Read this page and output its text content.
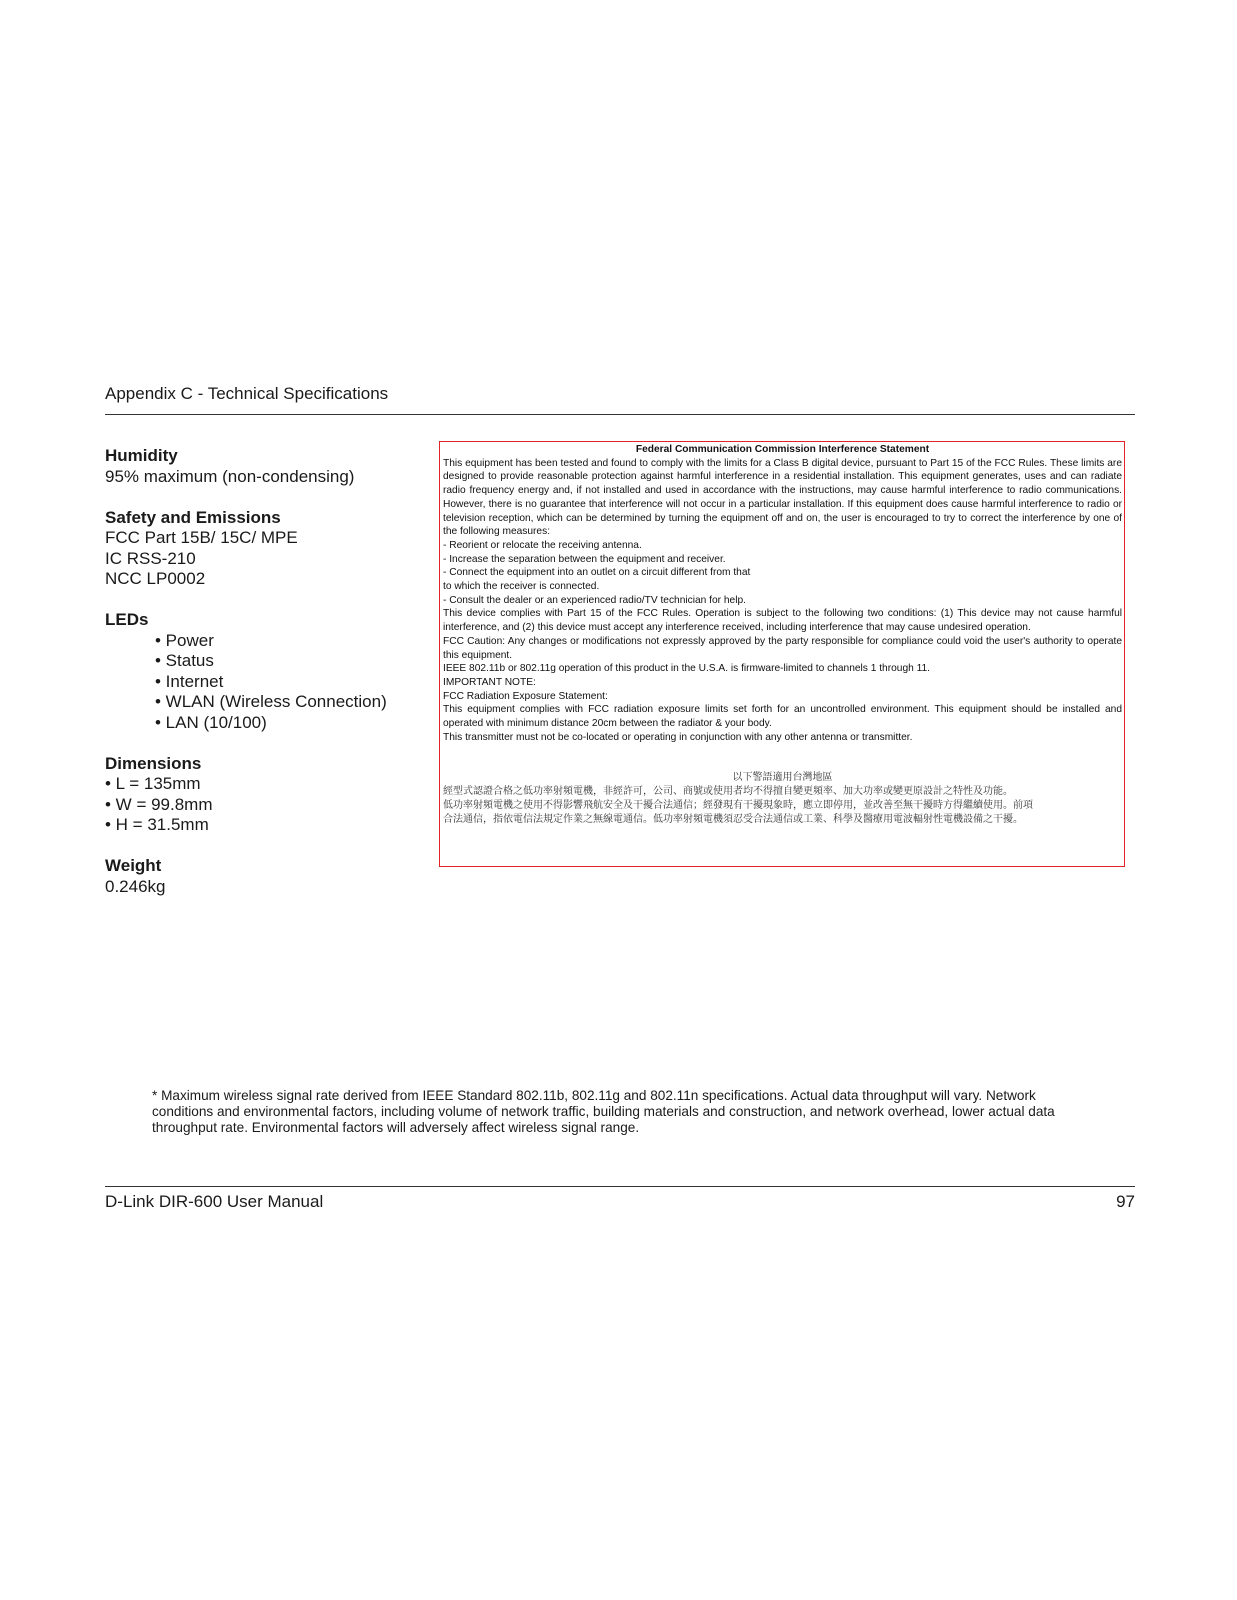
Appendix C - Technical Specifications

Humidity

95% maximum (non-condensing)

Safety and Emissions

FCC Part 15B/ 15C/ MPE

IC RSS-210

NCC LP0002

LEDs

• Power

• Status

• Internet

• WLAN (Wireless Connection)

• LAN (10/100)

Dimensions

• L = 135mm

• W = 99.8mm

• H = 31.5mm

Weight

0.246kg

Federal Communication Commission Interference Statement

This equipment has been tested and found to comply with the limits for a Class B digital device, pursuant to Part 15 of the FCC Rules. These limits are designed to provide reasonable protection against harmful interference in a residential installation. This equipment generates, uses and can radiate radio frequency energy and, if not installed and used in accordance with the instructions, may cause harmful interference to radio communications. However, there is no guarantee that interference will not occur in a particular installation. If this equipment does cause harmful interference to radio or television reception, which can be determined by turning the equipment off and on, the user is encouraged to try to correct the interference by one of the following measures:

- Reorient or relocate the receiving antenna.

- Increase the separation between the equipment and receiver.

- Connect the equipment into an outlet on a circuit different from that

to which the receiver is connected.

- Consult the dealer or an experienced radio/TV technician for help.

This device complies with Part 15 of the FCC Rules. Operation is subject to the following two conditions: (1) This device may not cause harmful interference, and (2) this device must accept any interference received, including interference that may cause undesired operation.

FCC Caution: Any changes or modifications not expressly approved by the party responsible for compliance could void the user's authority to operate this equipment.

IEEE 802.11b or 802.11g operation of this product in the U.S.A. is firmware-limited to channels 1 through 11.

IMPORTANT NOTE:

FCC Radiation Exposure Statement:

This equipment complies with FCC radiation exposure limits set forth for an uncontrolled environment. This equipment should be installed and operated with minimum distance 20cm between the radiator & your body.

This transmitter must not be co-located or operating in conjunction with any other antenna or transmitter.

以下警語適用台灣地區

經型式認證合格之低功率射頻電機，非經許可，公司、商號或使用者均不得擅自變更頻率、加大功率或變更原設計之特性及功能。

低功率射頻電機之使用不得影響飛航安全及干擾合法通信；經發現有干擾現象時，應立即停用，並改善至無干擾時方得繼續使用。前項

合法通信，指依電信法規定作業之無線電通信。低功率射頻電機須忍受合法通信或工業、科學及醫療用電波輻射性電機設備之干擾。

* Maximum wireless signal rate derived from IEEE Standard 802.11b, 802.11g and 802.11n specifications. Actual data throughput will vary. Network conditions and environmental factors, including volume of network traffic, building materials and construction, and network overhead, lower actual data throughput rate. Environmental factors will adversely affect wireless signal range.
D-Link DIR-600 User Manual	97
